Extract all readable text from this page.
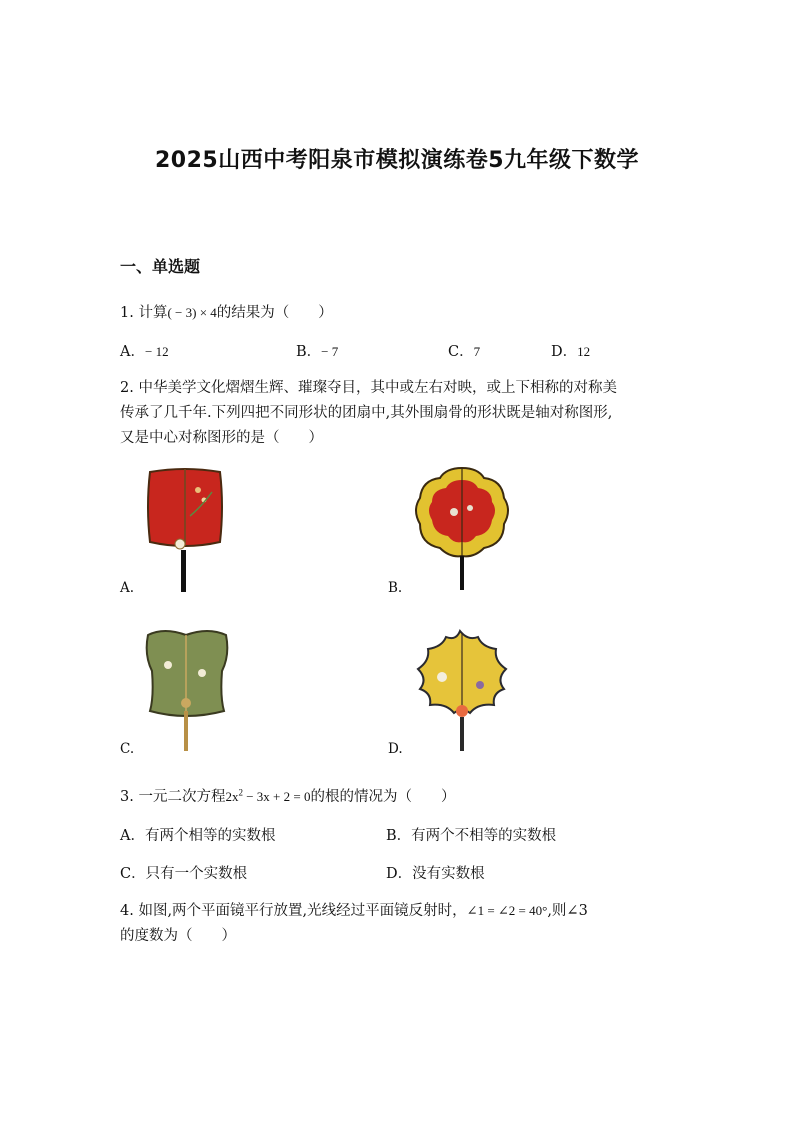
2025山西中考阳泉市模拟演练卷5九年级下数学
一、单选题
1. 计算( − 3) × 4的结果为（　　）
A．− 12	B．− 7	C．7	D．12
2. 中华美学文化熠熠生辉、璀璨夺目，其中或左右对映，或上下相称的对称美
传承了几千年.下列四把不同形状的团扇中,其外围扇骨的形状既是轴对称图形,
又是中心对称图形的是（　　）
A.	B.
C.	D.
3. 一元二次方程$2x^2 - 3x + 2 = 0$的根的情况为（　　）
A．有两个相等的实数根	B．有两个不相等的实数根
C．只有一个实数根	D．没有实数根
4. 如图,两个平面镜平行放置,光线经过平面镜反射时，∠1 = ∠2 = 40°,则∠3
的度数为（　　）
